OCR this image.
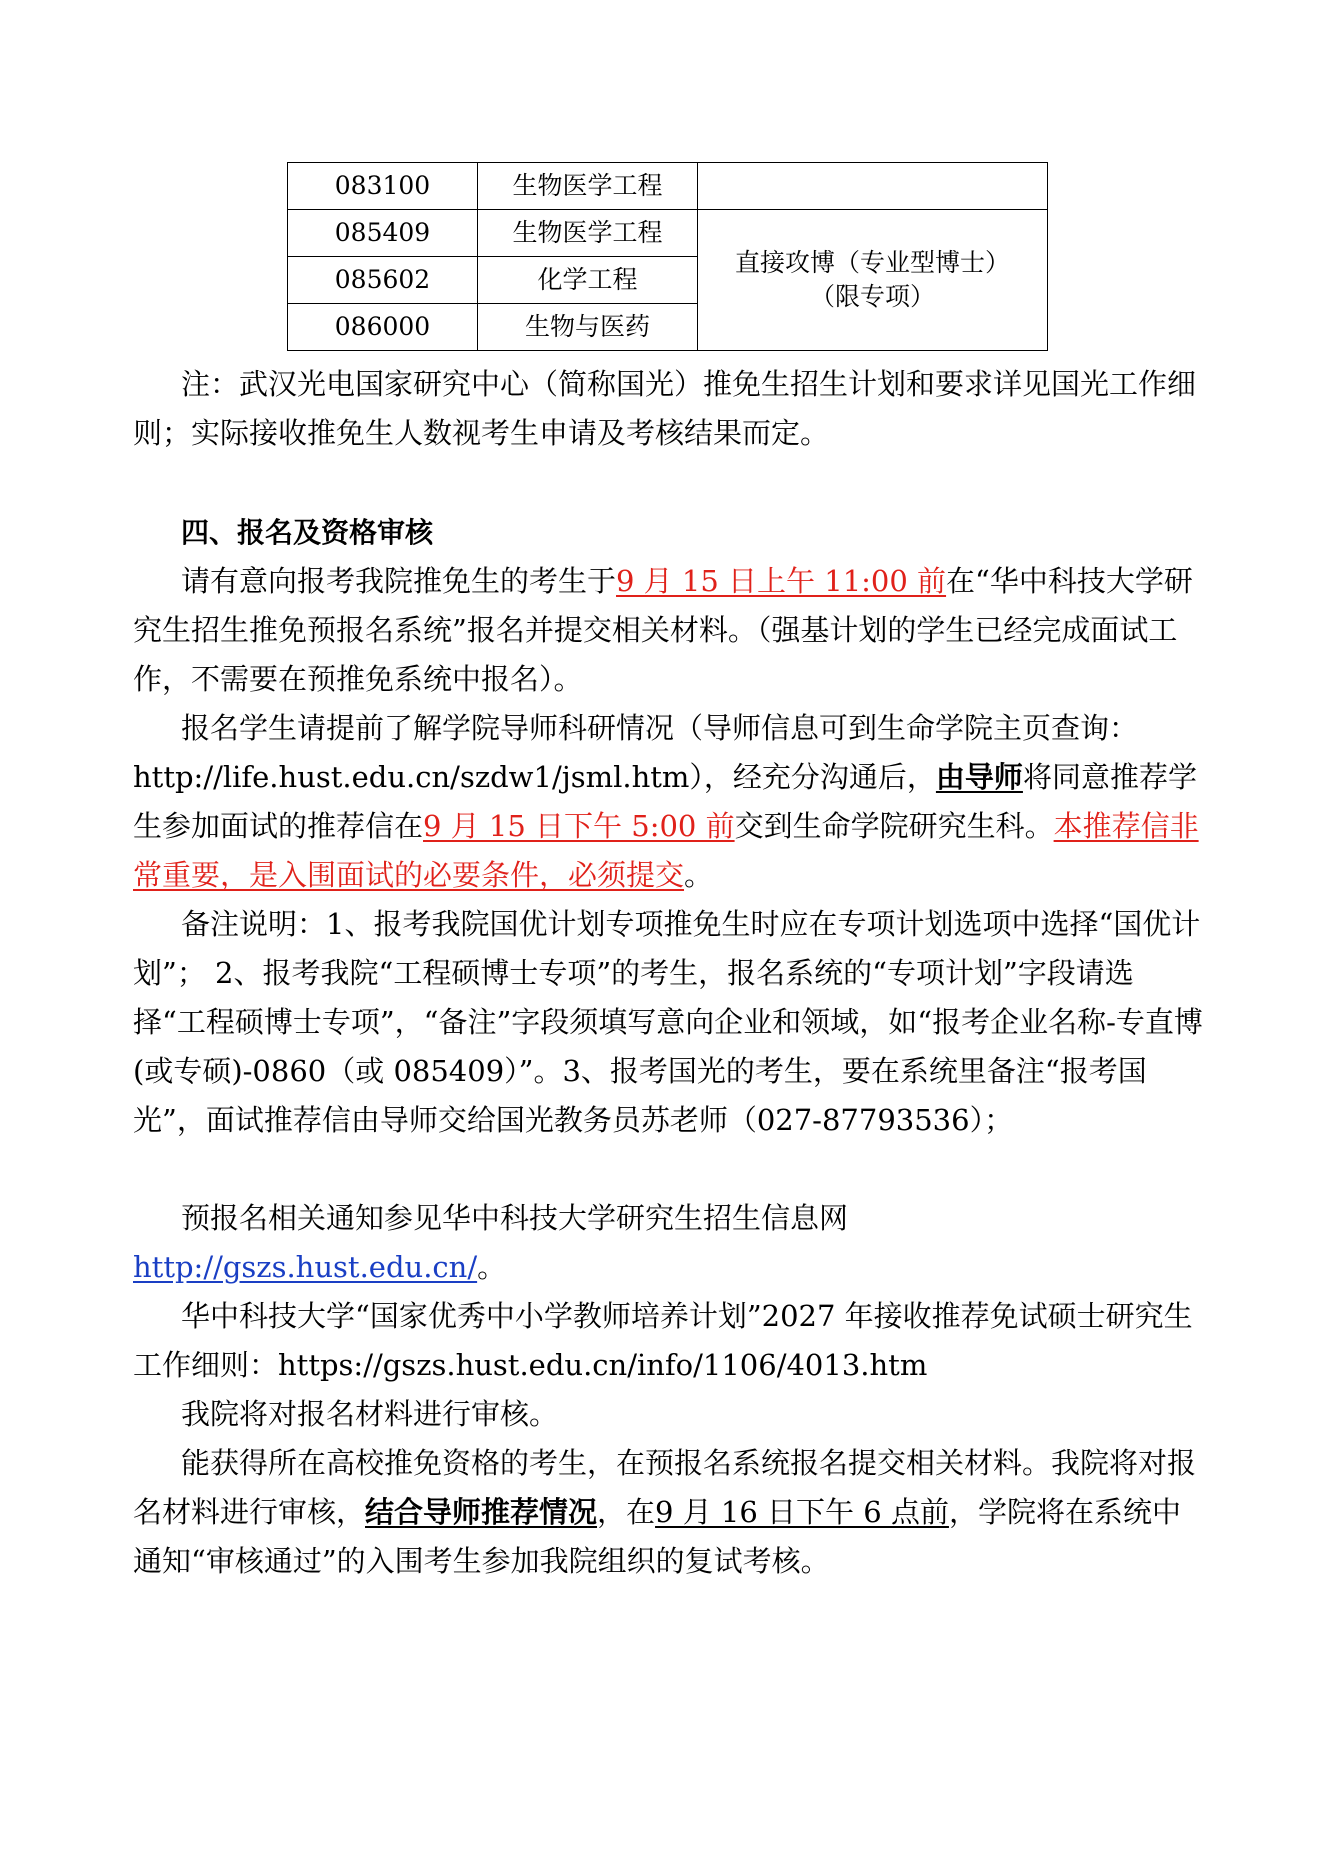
083100	生物医学工程	
085409	生物医学工程	直接攻博（专业型博士）
（限专项）

085602	化学工程	
086000	生物与医药	

注：武汉光电国家研究中心（简称国光）推免生招生计划和要求详见国光工作细则；实际接收推免生人数视考生申请及考核结果而定。

四、报名及资格审核

请有意向报考我院推免生的考生于9 月 15 日上午 11:00 前在“华中科技大学研究生招生推免预报名系统”报名并提交相关材料。（强基计划的学生已经完成面试工作，不需要在预推免系统中报名）。

报名学生请提前了解学院导师科研情况（导师信息可到生命学院主页查询：http://life.hust.edu.cn/szdw1/jsml.htm），经充分沟通后，由导师将同意推荐学生参加面试的推荐信在9 月 15 日下午 5:00 前交到生命学院研究生科。本推荐信非常重要，是入围面试的必要条件，必须提交。

备注说明：1、报考我院国优计划专项推免生时应在专项计划选项中选择“国优计划”； 2、报考我院“工程硕博士专项”的考生，报名系统的“专项计划”字段请选择“工程硕博士专项”，“备注”字段须填写意向企业和领域，如“报考企业名称-专直博(或专硕)-0860（或 085409）”。3、报考国光的考生，要在系统里备注“报考国光”，面试推荐信由导师交给国光教务员苏老师（027-87793536）；

预报名相关通知参见华中科技大学研究生招生信息网http://gszs.hust.edu.cn/。

华中科技大学“国家优秀中小学教师培养计划”2027 年接收推荐免试硕士研究生工作细则：https://gszs.hust.edu.cn/info/1106/4013.htm

我院将对报名材料进行审核。

能获得所在高校推免资格的考生，在预报名系统报名提交相关材料。我院将对报名材料进行审核，结合导师推荐情况，在9 月 16 日下午 6 点前，学院将在系统中通知“审核通过”的入围考生参加我院组织的复试考核。
